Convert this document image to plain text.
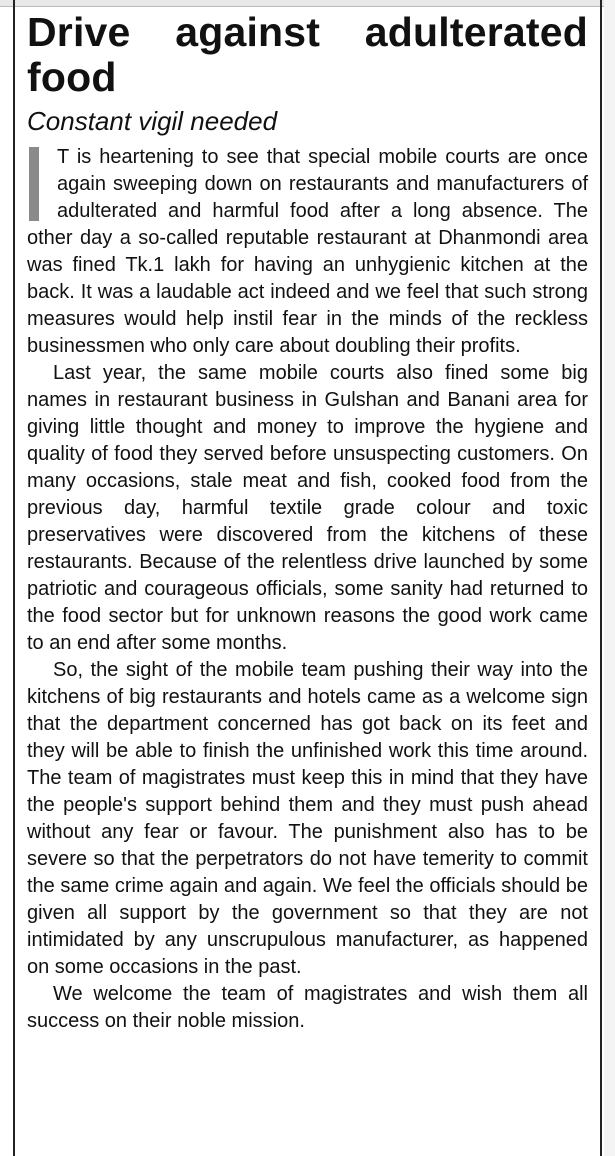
Drive against adulterated food
Constant vigil needed

T is heartening to see that special mobile courts are once again sweeping down on restaurants and manufacturers of adulterated and harmful food after a long absence. The other day a so-called reputable restaurant at Dhanmondi area was fined Tk.1 lakh for having an unhygienic kitchen at the back. It was a laudable act indeed and we feel that such strong measures would help instil fear in the minds of the reckless businessmen who only care about doubling their profits.

Last year, the same mobile courts also fined some big names in restaurant business in Gulshan and Banani area for giving little thought and money to improve the hygiene and quality of food they served before unsuspecting customers. On many occasions, stale meat and fish, cooked food from the previous day, harmful textile grade colour and toxic preservatives were discovered from the kitchens of these restaurants. Because of the relentless drive launched by some patriotic and courageous officials, some sanity had returned to the food sector but for unknown reasons the good work came to an end after some months.

So, the sight of the mobile team pushing their way into the kitchens of big restaurants and hotels came as a welcome sign that the department concerned has got back on its feet and they will be able to finish the unfinished work this time around. The team of magistrates must keep this in mind that they have the people's support behind them and they must push ahead without any fear or favour. The punishment also has to be severe so that the perpetrators do not have temerity to commit the same crime again and again. We feel the officials should be given all support by the government so that they are not intimidated by any unscrupulous manufacturer, as happened on some occasions in the past.

We welcome the team of magistrates and wish them all success on their noble mission.
